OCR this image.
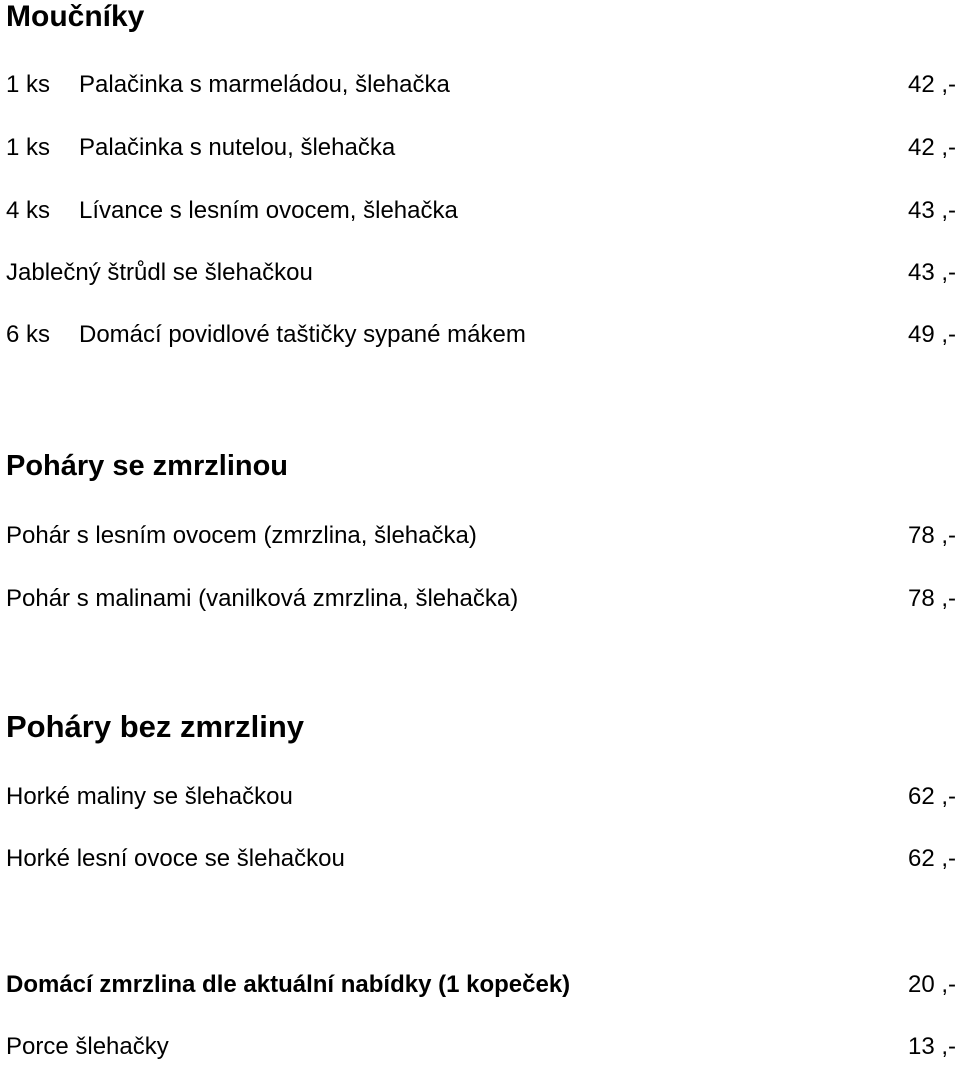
Moučníky
1 ks Palačinka s marmeládou, šlehačka	42 ,-
1 ks Palačinka s nutelou, šlehačka	42 ,-
4 ks Lívance s lesním ovocem, šlehačka	43 ,-
Jablečný štrůdl se šlehačkou	43 ,-
6 ks Domácí povidlové taštičky sypané mákem	49 ,-
Poháry se zmrzlinou
Pohár s lesním ovocem (zmrzlina, šlehačka)	78 ,-
Pohár s malinami (vanilková zmrzlina, šlehačka)	78 ,-
Poháry bez zmrzliny
Horké maliny se šlehačkou	62 ,-
Horké lesní ovoce se šlehačkou	62 ,-
Domácí zmrzlina dle aktuální nabídky (1 kopeček)	20 ,-
Porce šlehačky	13 ,-
